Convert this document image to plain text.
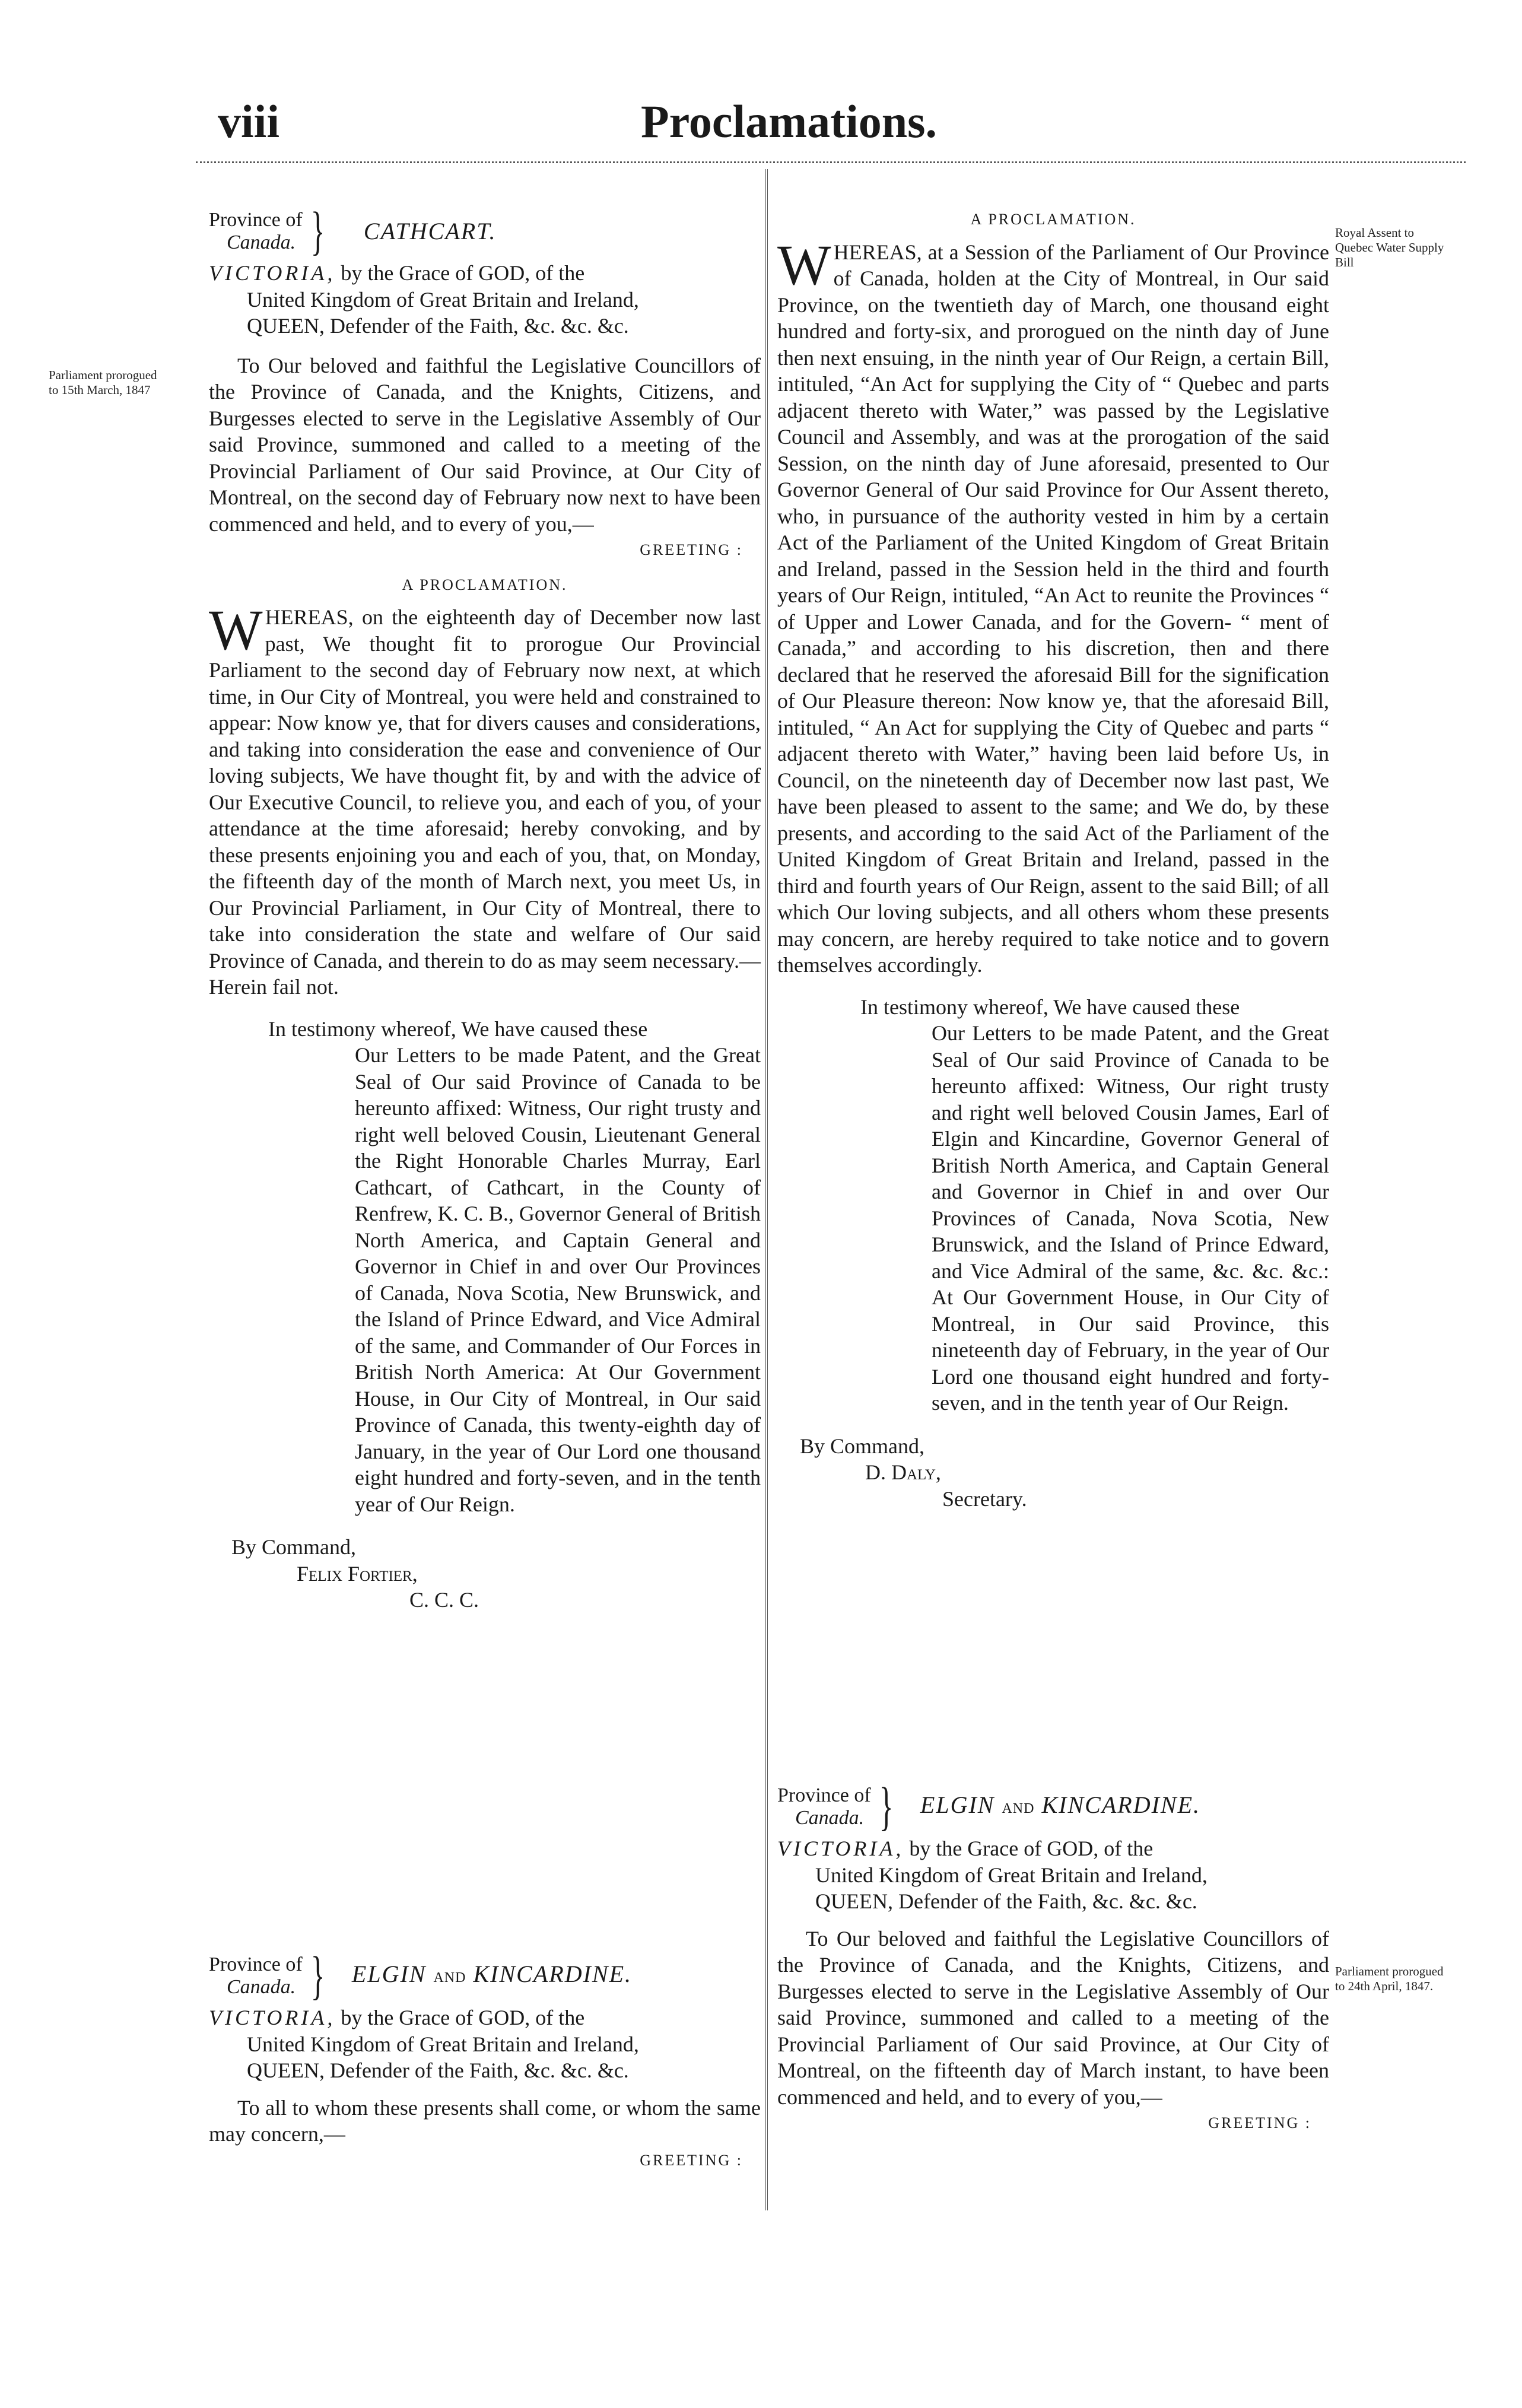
viii	Proclamations.
Parliament prorogued to 15th March, 1847
Province of
Canada. } CATHCART.

VICTORIA, by the Grace of GOD, of the
United Kingdom of Great Britain and Ireland,
QUEEN, Defender of the Faith, &c. &c. &c.

To Our beloved and faithful the Legislative Councillors of the Province of Canada, and the Knights, Citizens, and Burgesses elected to serve in the Legislative Assembly of Our said Province, summoned and called to a meeting of the Provincial Parliament of Our said Province, at Our City of Montreal, on the second day of February now next to have been commenced and held, and to every of you,—

GREETING :

A PROCLAMATION.

WHEREAS, on the eighteenth day of December now last past, We thought fit to prorogue Our Provincial Parliament to the second day of February now next, at which time, in Our City of Montreal, you were held and constrained to appear: Now know ye, that for divers causes and considerations, and taking into consideration the ease and convenience of Our loving subjects, We have thought fit, by and with the advice of Our Executive Council, to relieve you, and each of you, of your attendance at the time aforesaid; hereby convoking, and by these presents enjoining you and each of you, that, on Monday, the fifteenth day of the month of March next, you meet Us, in Our Provincial Parliament, in Our City of Montreal, there to take into consideration the state and welfare of Our said Province of Canada, and therein to do as may seem necessary.—Herein fail not.

In testimony whereof, We have caused these

Our Letters to be made Patent, and the Great Seal of Our said Province of Canada to be hereunto affixed: Witness, Our right trusty and right well beloved Cousin, Lieutenant General the Right Honorable Charles Murray, Earl Cathcart, of Cathcart, in the County of Renfrew, K. C. B., Governor General of British North America, and Captain General and Governor in Chief in and over Our Provinces of Canada, Nova Scotia, New Brunswick, and the Island of Prince Edward, and Vice Admiral of the same, and Commander of Our Forces in British North America: At Our Government House, in Our City of Montreal, in Our said Province of Canada, this twenty-eighth day of January, in the year of Our Lord one thousand eight hundred and forty-seven, and in the tenth year of Our Reign.

By Command,
Felix Fortier,
C. C. C.
Province of
Canada. } ELGIN AND KINCARDINE.

VICTORIA, by the Grace of GOD, of the
United Kingdom of Great Britain and Ireland,
QUEEN, Defender of the Faith, &c. &c. &c.

To all to whom these presents shall come, or whom the same may concern,—

GREETING :

Royal Assent to Quebec Water Supply Bill
Parliament prorogued to 24th April, 1847.

A PROCLAMATION.

WHEREAS, at a Session of the Parliament of Our Province of Canada, holden at the City of Montreal, in Our said Province, on the twentieth day of March, one thousand eight hundred and forty-six, and prorogued on the ninth day of June then next ensuing, in the ninth year of Our Reign, a certain Bill, intituled, “An Act for supplying the City of “ Quebec and parts adjacent thereto with Water,” was passed by the Legislative Council and Assembly, and was at the prorogation of the said Session, on the ninth day of June aforesaid, presented to Our Governor General of Our said Province for Our Assent thereto, who, in pursuance of the authority vested in him by a certain Act of the Parliament of the United Kingdom of Great Britain and Ireland, passed in the Session held in the third and fourth years of Our Reign, intituled, “An Act to reunite the Provinces “ of Upper and Lower Canada, and for the Govern- “ ment of Canada,” and according to his discretion, then and there declared that he reserved the aforesaid Bill for the signification of Our Pleasure thereon: Now know ye, that the aforesaid Bill, intituled, “ An Act for supplying the City of Quebec and parts “ adjacent thereto with Water,” having been laid before Us, in Council, on the nineteenth day of December now last past, We have been pleased to assent to the same; and We do, by these presents, and according to the said Act of the Parliament of the United Kingdom of Great Britain and Ireland, passed in the third and fourth years of Our Reign, assent to the said Bill; of all which Our loving subjects, and all others whom these presents may concern, are hereby required to take notice and to govern themselves accordingly.

In testimony whereof, We have caused these

Our Letters to be made Patent, and the Great Seal of Our said Province of Canada to be hereunto affixed: Witness, Our right trusty and right well beloved Cousin James, Earl of Elgin and Kincardine, Governor General of British North America, and Captain General and Governor in Chief in and over Our Provinces of Canada, Nova Scotia, New Brunswick, and the Island of Prince Edward, and Vice Admiral of the same, &c. &c. &c.: At Our Government House, in Our City of Montreal, in Our said Province, this nineteenth day of February, in the year of Our Lord one thousand eight hundred and forty-seven, and in the tenth year of Our Reign.

By Command,
D. Daly,
Secretary.
Province of
Canada. } ELGIN AND KINCARDINE.

VICTORIA, by the Grace of GOD, of the
United Kingdom of Great Britain and Ireland,
QUEEN, Defender of the Faith, &c. &c. &c.

To Our beloved and faithful the Legislative Councillors of the Province of Canada, and the Knights, Citizens, and Burgesses elected to serve in the Legislative Assembly of Our said Province, summoned and called to a meeting of the Provincial Parliament of Our said Province, at Our City of Montreal, on the fifteenth day of March instant, to have been commenced and held, and to every of you,—

GREETING :
